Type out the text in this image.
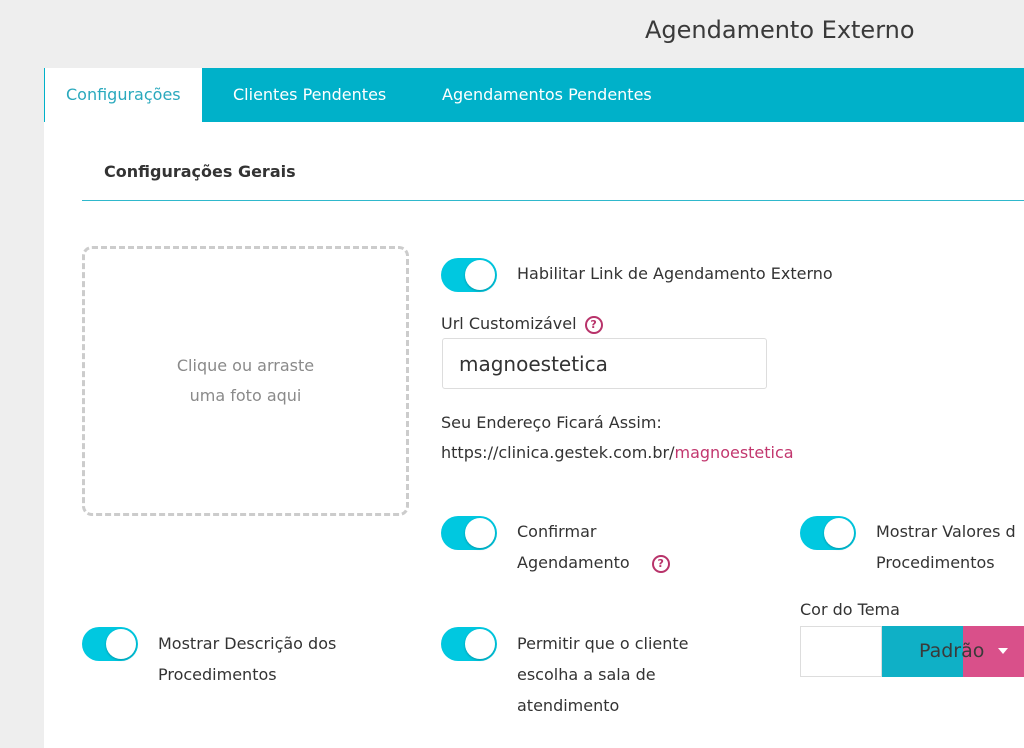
Agendamento Externo
Configurações	Clientes Pendentes	Agendamentos Pendentes
Configurações Gerais
Clique ou arraste
uma foto aqui
Habilitar Link de Agendamento Externo
Url Customizável ?
magnoestetica
Seu Endereço Ficará Assim:
https://clinica.gestek.com.br/magnoestetica
Confirmar
Agendamento	?
Mostrar Valores d
Procedimentos
Cor do Tema
Padrão
Mostrar Descrição dos
Procedimentos
Permitir que o cliente
escolha a sala de
atendimento
